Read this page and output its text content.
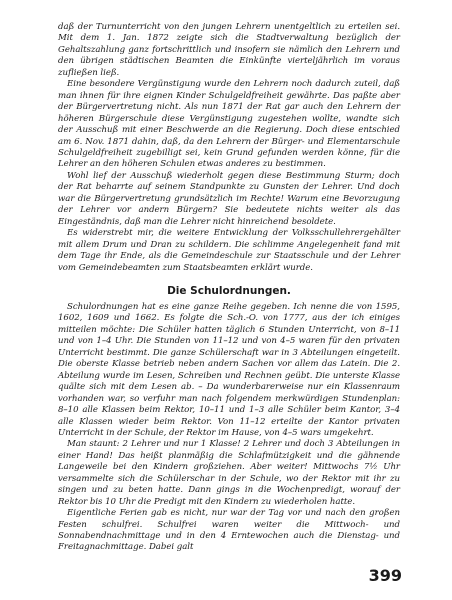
daß der Turnunterricht von den jungen Lehrern unentgeltlich zu erteilen sei. Mit dem 1. Jan. 1872 zeigte sich die Stadtverwaltung bezüglich der Gehaltszahlung ganz fortschrittlich und insofern sie nämlich den Lehrern und den übrigen städtischen Beamten die Einkünfte vierteljährlich im voraus zufließen ließ.

Eine besondere Vergünstigung wurde den Lehrern noch dadurch zuteil, daß man ihnen für ihre eignen Kinder Schulgeldfreiheit gewährte. Das paßte aber der Bürgervertretung nicht. Als nun 1871 der Rat gar auch den Lehrern der höheren Bürgerschule diese Vergünstigung zugestehen wollte, wandte sich der Ausschuß mit einer Beschwerde an die Regierung. Doch diese entschied am 6. Nov. 1871 dahin, daß, da den Lehrern der Bürger- und Elementarschule Schulgeldfreiheit zugebilligt sei, kein Grund gefunden werden könne, für die Lehrer an den höheren Schulen etwas anderes zu bestimmen.

Wohl lief der Ausschuß wiederholt gegen diese Bestimmung Sturm; doch der Rat beharrte auf seinem Standpunkte zu Gunsten der Lehrer. Und doch war die Bürgervertretung grundsätzlich im Rechte! Warum eine Bevorzugung der Lehrer vor andern Bürgern? Sie bedeutete nichts weiter als das Eingeständnis, daß man die Lehrer nicht hinreichend besoldete.

Es widerstrebt mir, die weitere Entwicklung der Volksschullehrergehälter mit allem Drum und Dran zu schildern. Die schlimme Angelegenheit fand mit dem Tage ihr Ende, als die Gemeindeschule zur Staatsschule und der Lehrer vom Gemeindebeamten zum Staatsbeamten erklärt wurde.

Die Schulordnungen.

Schulordnungen hat es eine ganze Reihe gegeben. Ich nenne die von 1595, 1602, 1609 und 1662. Es folgte die Sch.-O. von 1777, aus der ich einiges mitteilen möchte: Die Schüler hatten täglich 6 Stunden Unterricht, von 8–11 und von 1–4 Uhr. Die Stunden von 11–12 und von 4–5 waren für den privaten Unterricht bestimmt. Die ganze Schülerschaft war in 3 Abteilungen eingeteilt. Die oberste Klasse betrieb neben andern Sachen vor allem das Latein. Die 2. Abteilung wurde im Lesen, Schreiben und Rechnen geübt. Die unterste Klasse quälte sich mit dem Lesen ab. – Da wunderbarerweise nur ein Klassenraum vorhanden war, so verfuhr man nach folgendem merkwürdigen Stundenplan: 8–10 alle Klassen beim Rektor, 10–11 und 1–3 alle Schüler beim Kantor, 3–4 alle Klassen wieder beim Rektor. Von 11–12 erteilte der Kantor privaten Unterricht in der Schule, der Rektor im Hause, von 4–5 wars umgekehrt.

Man staunt: 2 Lehrer und nur 1 Klasse! 2 Lehrer und doch 3 Abteilungen in einer Hand! Das heißt planmäßig die Schlafmützigkeit und die gähnende Langeweile bei den Kindern großziehen. Aber weiter! Mittwochs 7½ Uhr versammelte sich die Schülerschar in der Schule, wo der Rektor mit ihr zu singen und zu beten hatte. Dann gings in die Wochenpredigt, worauf der Rektor bis 10 Uhr die Predigt mit den Kindern zu wiederholen hatte.

Eigentliche Ferien gab es nicht, nur war der Tag vor und nach den großen Festen schulfrei. Schulfrei waren weiter die Mittwoch- und Sonnabendnachmittage und in den 4 Erntewochen auch die Dienstag- und Freitagnachmittage. Dabei galt

399
